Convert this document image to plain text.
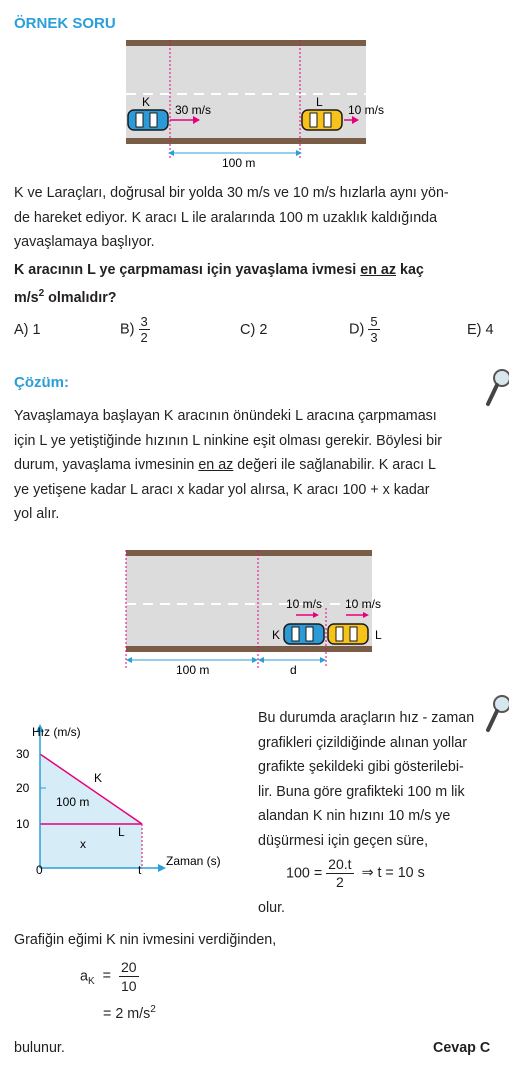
ÖRNEK SORU
K
30 m/s
L
10 m/s
100 m
K ve Laraçları, doğrusal bir yolda 30 m/s ve 10 m/s hızlarla aynı yön-
de hareket ediyor. K aracı L ile aralarında 100 m uzaklık kaldığında
yavaşlamaya başlıyor.
K aracının L ye çarpmaması için yavaşlama ivmesi en az kaç
$m/s^2$ olmalıdır?
A) 1	$B) \frac{3}{2}$	C) 2	$D) \frac{5}{3}$	E) 4
Çözüm:
Yavaşlamaya başlayan K aracının önündeki L aracına çarpmaması
için L ye yetiştiğinde hızının L ninkine eşit olması gerekir. Böylesi bir
durum, yavaşlama ivmesinin en az değeri ile sağlanabilir. K aracı L
ye yetişene kadar L aracı x kadar yol alırsa, K aracı 100 + x kadar
yol alır.
10 m/s 10 m/s
K	L
100 m	d
Hız (m/s)
30
20
10
0	t
Zaman (s)
K
L
100 m
x
Bu durumda araçların hız - zaman
grafikleri çizildiğinde alınan yollar
grafikte şekildeki gibi gösterilebi-
lir. Buna göre grafikteki 100 m lik
alandan K nin hızını 10 m/s ye
düşürmesi için geçen süre,
$100 = \frac{20.t}{2}$ ⇒ t = 10 s
olur.
Grafiğin eğimi K nin ivmesini verdiğinden,
$a_K = \frac{20}{10}$
= 2 $m/s^2$
bulunur.	Cevap C
